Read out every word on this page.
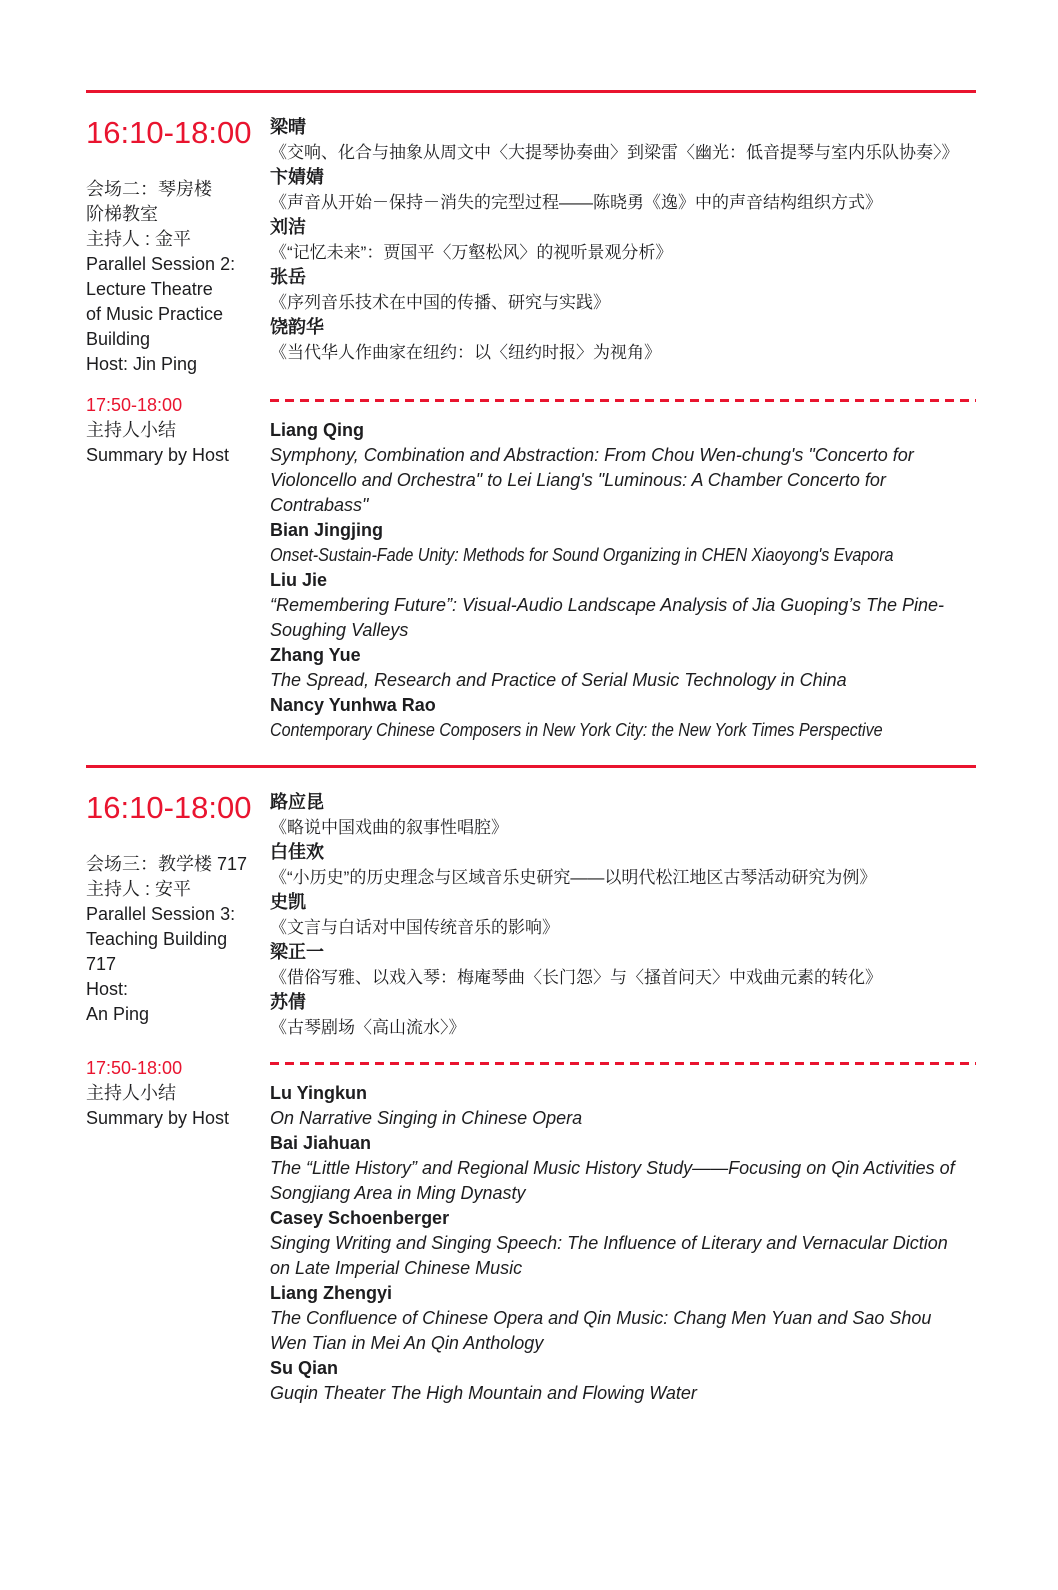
16:10-18:00
会场二：琴房楼
阶梯教室
主持人 : 金平
Parallel Session 2:
Lecture Theatre
of Music Practice
Building
Host: Jin Ping
梁晴
《交响、化合与抽象从周文中〈大提琴协奏曲〉到梁雷〈幽光：低音提琴与室内乐队协奏〉》
卞婧婧
《声音从开始－保持－消失的完型过程——陈晓勇《逸》中的声音结构组织方式》
刘洁
《“记忆未来”：贾国平〈万壑松风〉的视听景观分析》
张岳
《序列音乐技术在中国的传播、研究与实践》
饶韵华
《当代华人作曲家在纽约：以〈纽约时报〉为视角》
17:50-18:00
主持人小结
Summary by Host
Liang Qing
Symphony, Combination and Abstraction: From Chou Wen-chung's "Concerto for Violoncello and Orchestra" to Lei Liang's "Luminous: A Chamber Concerto for Contrabass"
Bian Jingjing
Onset-Sustain-Fade Unity: Methods for Sound Organizing in CHEN Xiaoyong's Evapora
Liu Jie
“Remembering Future”: Visual-Audio Landscape Analysis of Jia Guoping’s The Pine-Soughing Valleys
Zhang Yue
The Spread, Research and Practice of Serial Music Technology in China
Nancy Yunhwa Rao
Contemporary Chinese Composers in New York City: the New York Times Perspective
16:10-18:00
会场三：教学楼 717
主持人 : 安平
Parallel Session 3:
Teaching Building
717
Host:
An Ping
路应昆
《略说中国戏曲的叙事性唱腔》
白佳欢
《“小历史”的历史理念与区域音乐史研究——以明代松江地区古琴活动研究为例》
史凯
《文言与白话对中国传统音乐的影响》
梁正一
《借俗写雅、以戏入琴：梅庵琴曲〈长门怨〉与〈搔首问天〉中戏曲元素的转化》
苏倩
《古琴剧场〈高山流水〉》
17:50-18:00
主持人小结
Summary by Host
Lu Yingkun
On Narrative Singing in Chinese Opera
Bai Jiahuan
The “Little History” and Regional Music History Study——Focusing on Qin Activities of Songjiang Area in Ming Dynasty
Casey Schoenberger
Singing Writing and Singing Speech: The Influence of Literary and Vernacular Diction on Late Imperial Chinese Music
Liang Zhengyi
The Confluence of Chinese Opera and Qin Music: Chang Men Yuan and Sao Shou Wen Tian in Mei An Qin Anthology
Su Qian
Guqin Theater The High Mountain and Flowing Water
